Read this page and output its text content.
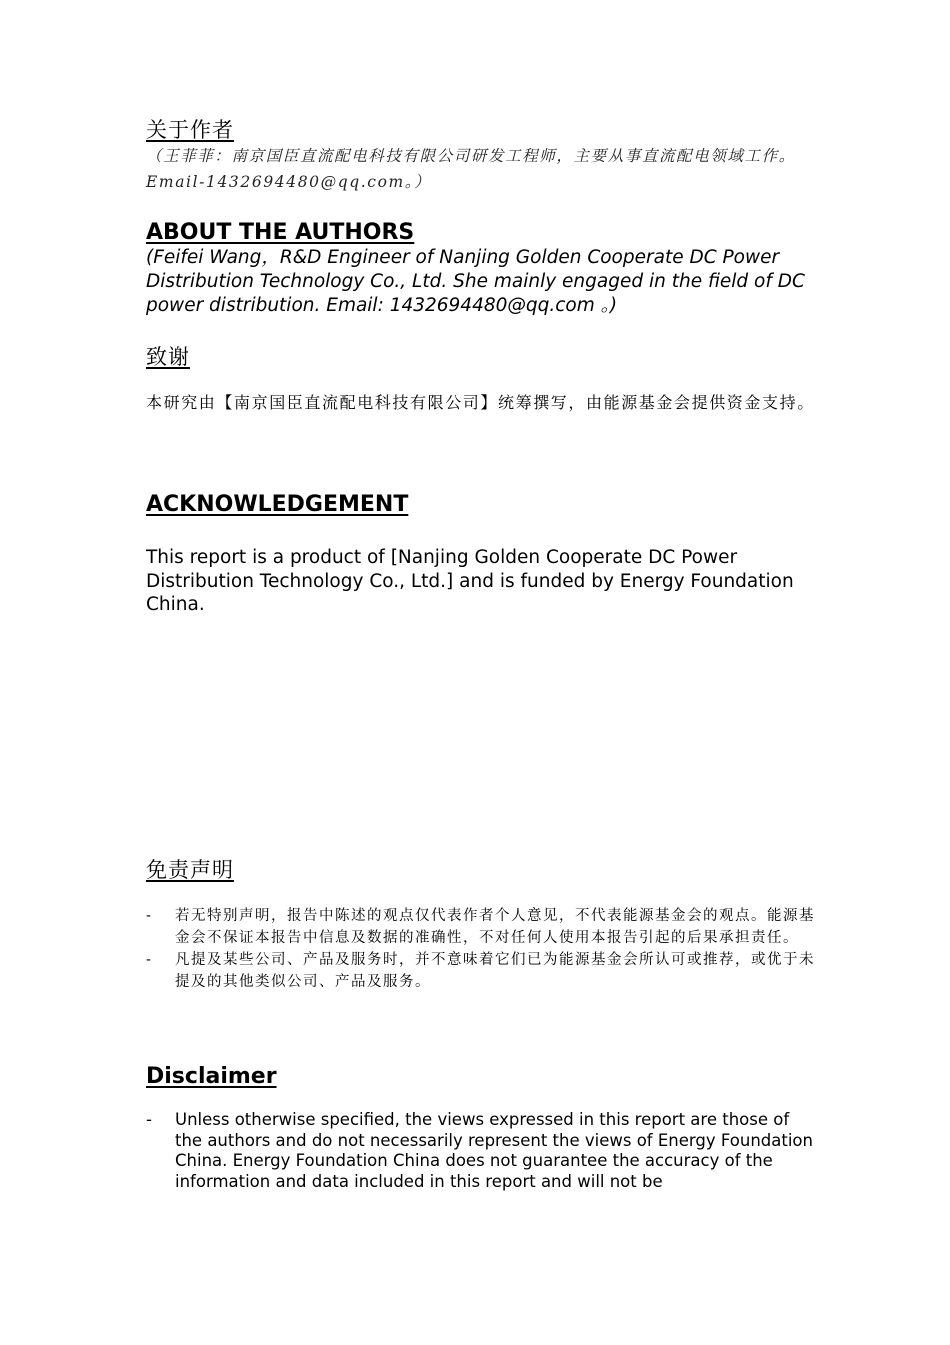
关于作者

（王菲菲：南京国臣直流配电科技有限公司研发工程师，主要从事直流配电领域工作。Email-1432694480@qq.com。）

ABOUT THE AUTHORS

(Feifei Wang，R&D Engineer of Nanjing Golden Cooperate DC Power Distribution Technology Co., Ltd. She mainly engaged in the field of DC power distribution. Email: 1432694480@qq.com 。)

致谢

本研究由【南京国臣直流配电科技有限公司】统筹撰写，由能源基金会提供资金支持。

ACKNOWLEDGEMENT

This report is a product of [Nanjing Golden Cooperate DC Power Distribution Technology Co., Ltd.] and is funded by Energy Foundation China.

免责声明
- 若无特别声明，报告中陈述的观点仅代表作者个人意见，不代表能源基金会的观点。能源基金会不保证本报告中信息及数据的准确性，不对任何人使用本报告引起的后果承担责任。
- 凡提及某些公司、产品及服务时，并不意味着它们已为能源基金会所认可或推荐，或优于未提及的其他类似公司、产品及服务。
Disclaimer
- Unless otherwise specified, the views expressed in this report are those of the authors and do not necessarily represent the views of Energy Foundation China. Energy Foundation China does not guarantee the accuracy of the information and data included in this report and will not be
